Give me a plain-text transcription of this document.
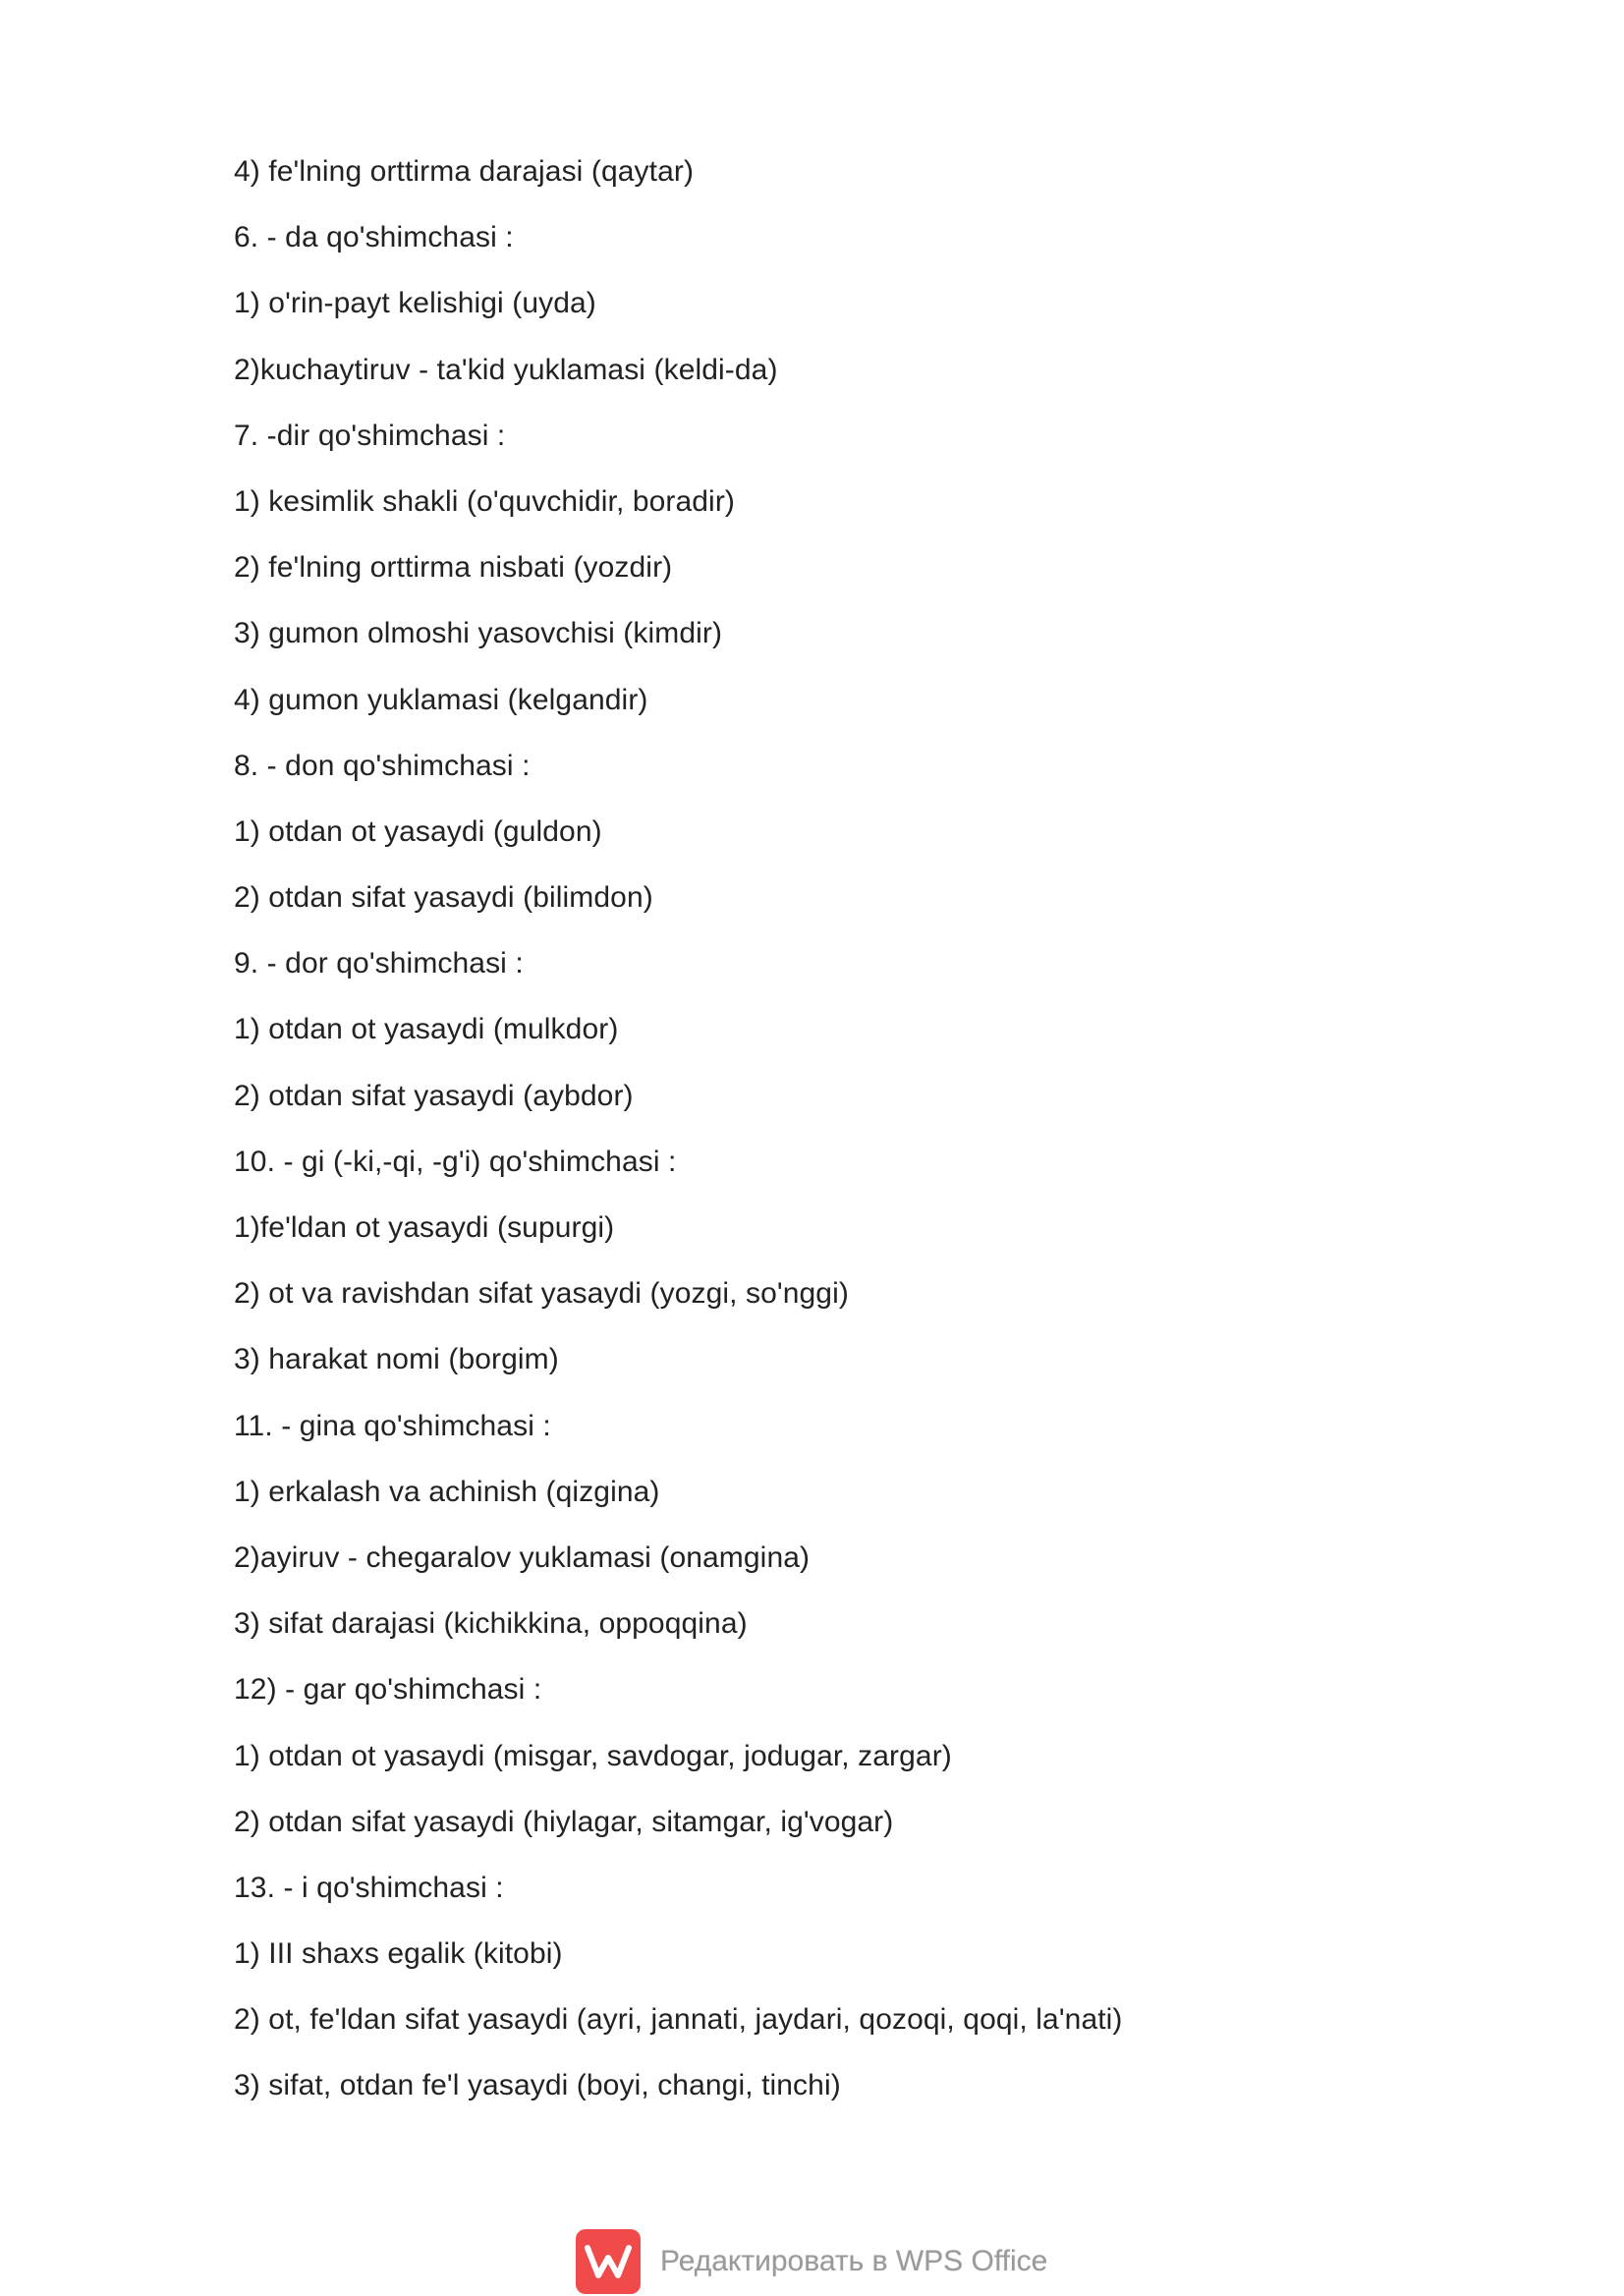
4) fe'lning orttirma darajasi (qaytar)
6. - da qo'shimchasi :
1) o'rin-payt kelishigi (uyda)
2)kuchaytiruv - ta'kid yuklamasi (keldi-da)
7. -dir qo'shimchasi :
1) kesimlik shakli (o'quvchidir, boradir)
2) fe'lning orttirma nisbati (yozdir)
3) gumon olmoshi yasovchisi (kimdir)
4) gumon yuklamasi (kelgandir)
8. - don qo'shimchasi :
1) otdan ot yasaydi (guldon)
2) otdan sifat yasaydi (bilimdon)
9. - dor qo'shimchasi :
1) otdan ot yasaydi (mulkdor)
2) otdan sifat yasaydi (aybdor)
10. - gi (-ki,-qi, -g'i) qo'shimchasi :
1)fe'ldan ot yasaydi (supurgi)
2) ot va ravishdan sifat yasaydi (yozgi, so'nggi)
3) harakat nomi (borgim)
11. - gina qo'shimchasi :
1) erkalash va achinish (qizgina)
2)ayiruv - chegaralov yuklamasi (onamgina)
3) sifat darajasi (kichikkina, oppoqqina)
12) - gar qo'shimchasi :
1) otdan ot yasaydi (misgar, savdogar, jodugar, zargar)
2) otdan sifat yasaydi (hiylagar, sitamgar, ig'vogar)
13. - i qo'shimchasi :
1) III shaxs egalik (kitobi)
2) ot, fe'ldan sifat yasaydi (ayri, jannati, jaydari, qozoqi, qoqi, la'nati)
3) sifat, otdan fe'l yasaydi (boyi, changi, tinchi)
Редактировать в WPS Office
